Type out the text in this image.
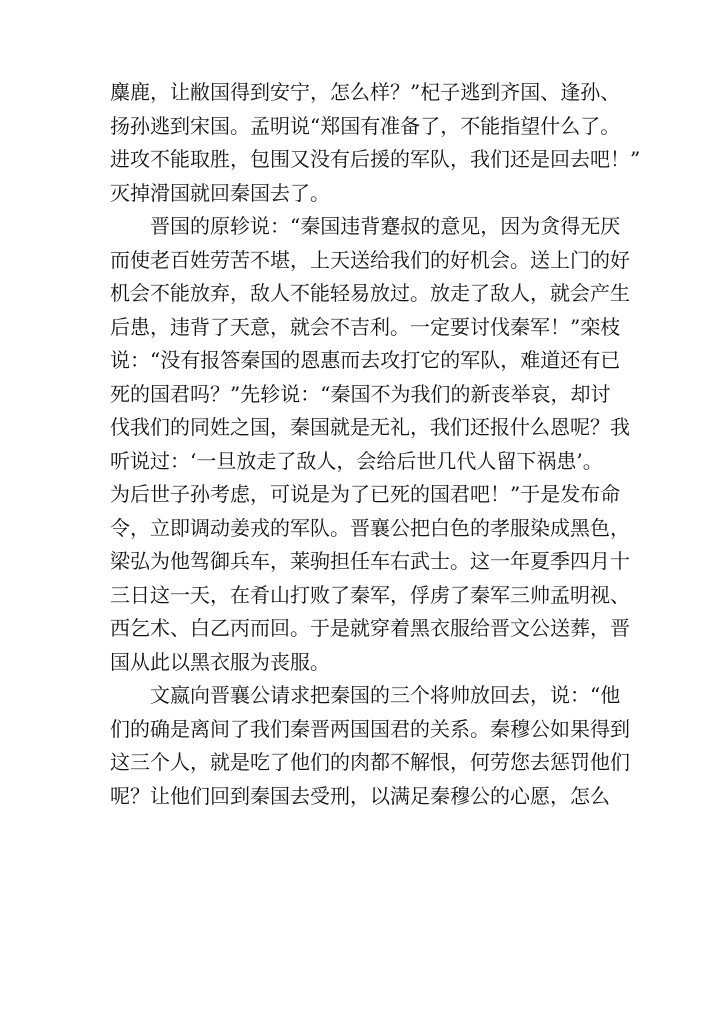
麋鹿，让敝国得到安宁，怎么样？”杞子逃到齐国、逢孙、
扬孙逃到宋国。孟明说“郑国有准备了，不能指望什么了。
进攻不能取胜，包围又没有后援的军队，我们还是回去吧！”
灭掉滑国就回秦国去了。
晋国的原轸说：“秦国违背蹇叔的意见，因为贪得无厌
而使老百姓劳苦不堪，上天送给我们的好机会。送上门的好
机会不能放弃，敌人不能轻易放过。放走了敌人，就会产生
后患，违背了天意，就会不吉利。一定要讨伐秦军！”栾枝
说：“没有报答秦国的恩惠而去攻打它的军队，难道还有已
死的国君吗？”先轸说：“秦国不为我们的新丧举哀，却讨
伐我们的同姓之国，秦国就是无礼，我们还报什么恩呢？我
听说过：‘一旦放走了敌人，会给后世几代人留下祸患’。
为后世子孙考虑，可说是为了已死的国君吧！”于是发布命
令，立即调动姜戎的军队。晋襄公把白色的孝服染成黑色，
梁弘为他驾御兵车，莱驹担任车右武士。这一年夏季四月十
三日这一天，在肴山打败了秦军，俘虏了秦军三帅孟明视、
西乞术、白乙丙而回。于是就穿着黑衣服给晋文公送葬，晋
国从此以黑衣服为丧服。
文嬴向晋襄公请求把秦国的三个将帅放回去，说：“他
们的确是离间了我们秦晋两国国君的关系。秦穆公如果得到
这三个人，就是吃了他们的肉都不解恨，何劳您去惩罚他们
呢？让他们回到秦国去受刑，以满足秦穆公的心愿，怎么
